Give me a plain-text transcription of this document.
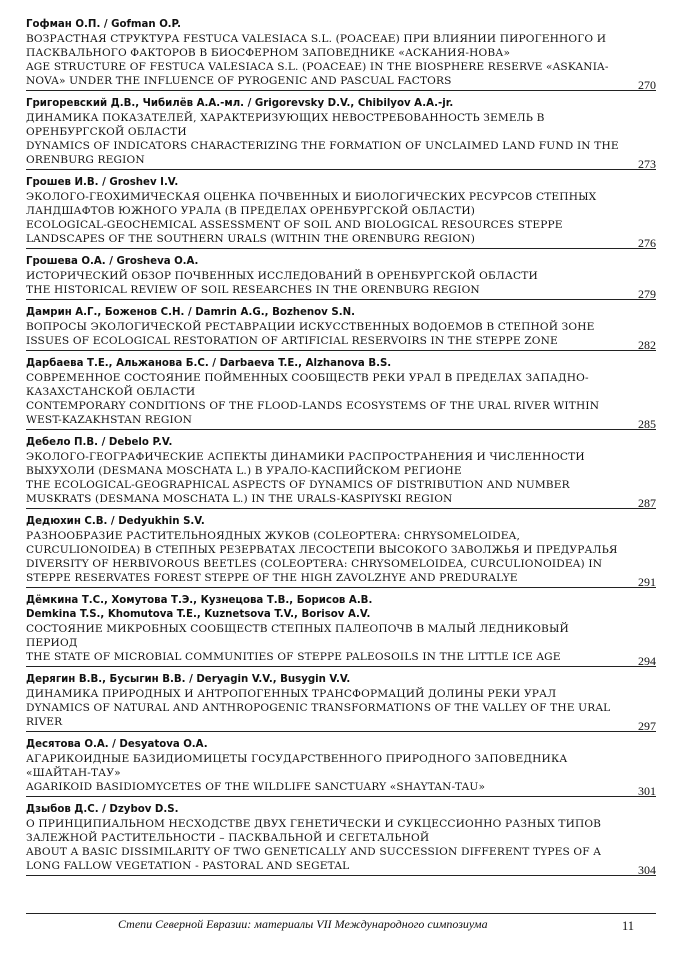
Гофман О.П. / Gofman O.P.
ВОЗРАСТНАЯ СТРУКТУРА FESTUCA VALESIACA S.L. (POACEAE) ПРИ ВЛИЯНИИ ПИРОГЕННОГО И ПАСКВАЛЬНОГО ФАКТОРОВ В БИОСФЕРНОМ ЗАПОВЕДНИКЕ «АСКАНИЯ-НОВА»
AGE STRUCTURE OF FESTUCA VALESIACA S.L. (POACEAE) IN THE BIOSPHERE RESERVE «ASKANIA-NOVA» UNDER THE INFLUENCE OF PYROGENIC AND PASCUAL FACTORS	270
Григоревский Д.В., Чибилёв А.А.-мл. / Grigorevsky D.V., Chibilyov A.A.-jr.
ДИНАМИКА ПОКАЗАТЕЛЕЙ, ХАРАКТЕРИЗУЮЩИХ НЕВОСТРЕБОВАННОСТЬ ЗЕМЕЛЬ В ОРЕНБУРГСКОЙ ОБЛАСТИ
DYNAMICS OF INDICATORS CHARACTERIZING THE FORMATION OF UNCLAIMED LAND FUND IN THE ORENBURG REGION	273
Грошев И.В. / Groshev I.V.
ЭКОЛОГО-ГЕОХИМИЧЕСКАЯ ОЦЕНКА ПОЧВЕННЫХ И БИОЛОГИЧЕСКИХ РЕСУРСОВ СТЕПНЫХ ЛАНДШАФТОВ ЮЖНОГО УРАЛА (В ПРЕДЕЛАХ ОРЕНБУРГСКОЙ ОБЛАСТИ)
ECOLOGICAL-GEOCHEMICAL ASSESSMENT OF SOIL AND BIOLOGICAL RESOURCES STEPPE LANDSCAPES OF THE SOUTHERN URALS (WITHIN THE ORENBURG REGION)	276
Грошева О.А. / Grosheva O.A.
ИСТОРИЧЕСКИЙ ОБЗОР ПОЧВЕННЫХ ИССЛЕДОВАНИЙ В ОРЕНБУРГСКОЙ ОБЛАСТИ
THE HISTORICAL REVIEW OF SOIL RESEARCHES IN THE ORENBURG REGION	279
Дамрин А.Г., Боженов С.Н. / Damrin A.G., Bozhenov S.N.
ВОПРОСЫ ЭКОЛОГИЧЕСКОЙ РЕСТАВРАЦИИ ИСКУССТВЕННЫХ ВОДОЕМОВ В СТЕПНОЙ ЗОНЕ
ISSUES OF ECOLOGICAL RESTORATION OF ARTIFICIAL RESERVOIRS IN THE STEPPE ZONE	282
Дарбаева Т.Е., Альжанова Б.С. / Darbaeva T.E., Alzhanova B.S.
СОВРЕМЕННОЕ СОСТОЯНИЕ ПОЙМЕННЫХ СООБЩЕСТВ РЕКИ УРАЛ В ПРЕДЕЛАХ ЗАПАДНО-КАЗАХСТАНСКОЙ ОБЛАСТИ
CONTEMPORARY CONDITIONS OF THE FLOOD-LANDS ECOSYSTEMS OF THE URAL RIVER WITHIN WEST-KAZAKHSTAN REGION	285
Дебело П.В. / Debelo P.V.
ЭКОЛОГО-ГЕОГРАФИЧЕСКИЕ АСПЕКТЫ ДИНАМИКИ РАСПРОСТРАНЕНИЯ И ЧИСЛЕННОСТИ ВЫХУХОЛИ (DESMANA MOSCHATA L.) В УРАЛО-КАСПИЙСКОМ РЕГИОНЕ
THE ECOLOGICAL-GEOGRAPHICAL ASPECTS OF DYNAMICS OF DISTRIBUTION AND NUMBER MUSKRATS (DESMANA MOSCHATA L.) IN THE URALS-KASPIYSKI REGION	287
Дедюхин С.В. / Dedyukhin S.V.
РАЗНООБРАЗИЕ РАСТИТЕЛЬНОЯДНЫХ ЖУКОВ (COLEOPTERA: CHRYSOMELOIDEA, CURCULIONOIDEA) В СТЕПНЫХ РЕЗЕРВАТАХ ЛЕСОСТЕПИ ВЫСОКОГО ЗАВОЛЖЬЯ И ПРЕДУРАЛЬЯ
DIVERSITY OF HERBIVOROUS BEETLES (COLEOPTERA: CHRYSOMELOIDEA, CURCULIONOIDEA) IN STEPPE RESERVATES FOREST STEPPE OF THE HIGH ZAVOLZHYE AND PREDURALYE	291
Дёмкина Т.С., Хомутова Т.Э., Кузнецова Т.В., Борисов А.В.
Demkina T.S., Khomutova T.E., Kuznetsova T.V., Borisov A.V.
СОСТОЯНИЕ МИКРОБНЫХ СООБЩЕСТВ СТЕПНЫХ ПАЛЕОПОЧВ В МАЛЫЙ ЛЕДНИКОВЫЙ ПЕРИОД
THE STATE OF MICROBIAL COMMUNITIES OF STEPPE PALEOSOILS IN THE LITTLE ICE AGE	294
Дерягин В.В., Бусыгин В.В. / Deryagin V.V., Busygin V.V.
ДИНАМИКА ПРИРОДНЫХ И АНТРОПОГЕННЫХ ТРАНСФОРМАЦИЙ ДОЛИНЫ РЕКИ УРАЛ
DYNAMICS OF NATURAL AND ANTHROPOGENIC TRANSFORMATIONS OF THE VALLEY OF THE URAL RIVER	297
Десятова О.А. / Desyatova O.A.
АГАРИКОИДНЫЕ БАЗИДИОМИЦЕТЫ ГОСУДАРСТВЕННОГО ПРИРОДНОГО ЗАПОВЕДНИКА «ШАЙТАН-ТАУ»
AGARIKOID BASIDIOMYCETES OF THE WILDLIFE SANCTUARY «SHAYTAN-TAU»	301
Дзыбов Д.С. / Dzybov D.S.
О ПРИНЦИПИАЛЬНОМ НЕСХОДСТВЕ ДВУХ ГЕНЕТИЧЕСКИ И СУКЦЕССИОННО РАЗНЫХ ТИПОВ ЗАЛЕЖНОЙ РАСТИТЕЛЬНОСТИ – ПАСКВАЛЬНОЙ И СЕГЕТАЛЬНОЙ
ABOUT A BASIC DISSIMILARITY OF TWO GENETICALLY AND SUCCESSION DIFFERENT TYPES OF A LONG FALLOW VEGETATION - PASTORAL AND SEGETAL	304
Степи Северной Евразии: материалы VII Международного симпозиума	11
